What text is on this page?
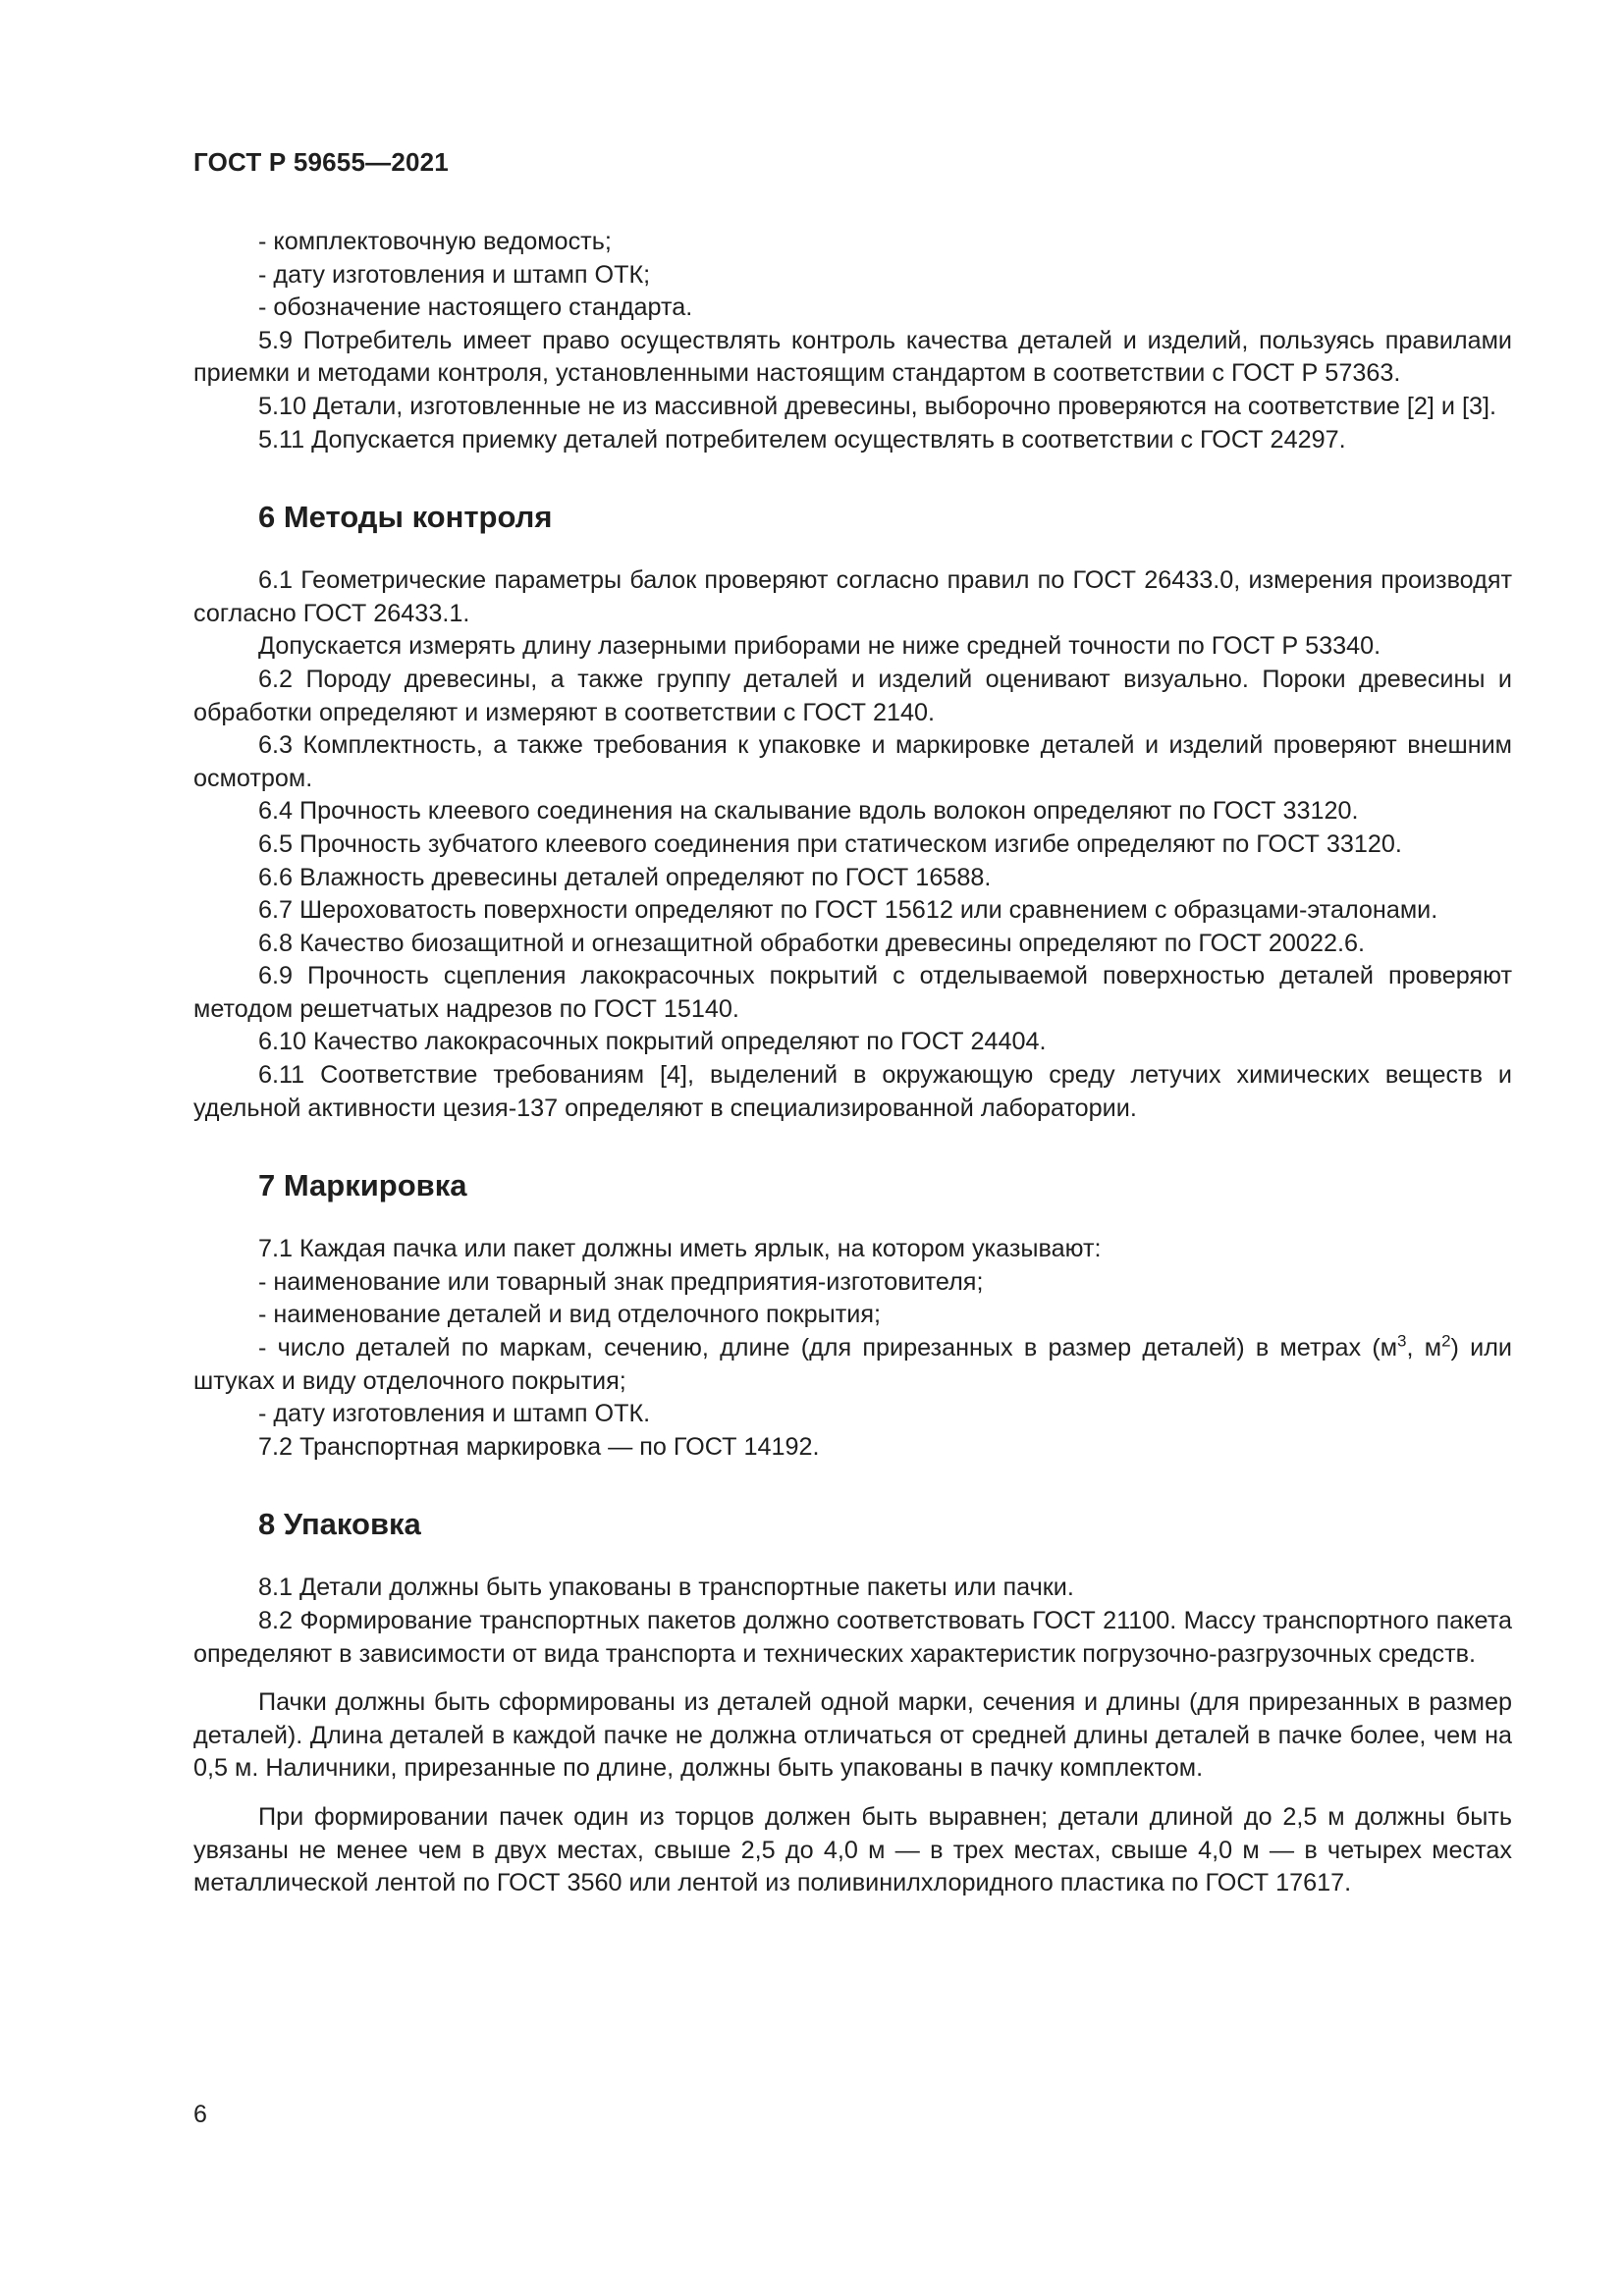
ГОСТ Р 59655—2021

- комплектовочную ведомость;

- дату изготовления и штамп ОТК;

- обозначение настоящего стандарта.

5.9 Потребитель имеет право осуществлять контроль качества деталей и изделий, пользуясь правилами приемки и методами контроля, установленными настоящим стандартом в соответствии с ГОСТ Р 57363.

5.10 Детали, изготовленные не из массивной древесины, выборочно проверяются на соответствие [2] и [3].

5.11 Допускается приемку деталей потребителем осуществлять в соответствии с ГОСТ 24297.

6 Методы контроля

6.1 Геометрические параметры балок проверяют согласно правил по ГОСТ 26433.0, измерения производят согласно ГОСТ 26433.1.

Допускается измерять длину лазерными приборами не ниже средней точности по ГОСТ Р 53340.

6.2 Породу древесины, а также группу деталей и изделий оценивают визуально. Пороки древесины и обработки определяют и измеряют в соответствии с ГОСТ 2140.

6.3 Комплектность, а также требования к упаковке и маркировке деталей и изделий проверяют внешним осмотром.

6.4 Прочность клеевого соединения на скалывание вдоль волокон определяют по ГОСТ 33120.

6.5 Прочность зубчатого клеевого соединения при статическом изгибе определяют по ГОСТ 33120.

6.6 Влажность древесины деталей определяют по ГОСТ 16588.

6.7 Шероховатость поверхности определяют по ГОСТ 15612 или сравнением с образцами-эталонами.

6.8 Качество биозащитной и огнезащитной обработки древесины определяют по ГОСТ 20022.6.

6.9 Прочность сцепления лакокрасочных покрытий с отделываемой поверхностью деталей проверяют методом решетчатых надрезов по ГОСТ 15140.

6.10 Качество лакокрасочных покрытий определяют по ГОСТ 24404.

6.11 Соответствие требованиям [4], выделений в окружающую среду летучих химических веществ и удельной активности цезия-137 определяют в специализированной лаборатории.

7 Маркировка

7.1 Каждая пачка или пакет должны иметь ярлык, на котором указывают:

- наименование или товарный знак предприятия-изготовителя;

- наименование деталей и вид отделочного покрытия;

- число деталей по маркам, сечению, длине (для прирезанных в размер деталей) в метрах ($м^3$, $м^2$) или штуках и виду отделочного покрытия;

- дату изготовления и штамп ОТК.

7.2 Транспортная маркировка — по ГОСТ 14192.

8 Упаковка

8.1 Детали должны быть упакованы в транспортные пакеты или пачки.

8.2 Формирование транспортных пакетов должно соответствовать ГОСТ 21100. Массу транспортного пакета определяют в зависимости от вида транспорта и технических характеристик погрузочно-разгрузочных средств.

Пачки должны быть сформированы из деталей одной марки, сечения и длины (для прирезанных в размер деталей). Длина деталей в каждой пачке не должна отличаться от средней длины деталей в пачке более, чем на 0,5 м. Наличники, прирезанные по длине, должны быть упакованы в пачку комплектом.

При формировании пачек один из торцов должен быть выравнен; детали длиной до 2,5 м должны быть увязаны не менее чем в двух местах, свыше 2,5 до 4,0 м — в трех местах, свыше 4,0 м — в четырех местах металлической лентой по ГОСТ 3560 или лентой из поливинилхлоридного пластика по ГОСТ 17617.

6
